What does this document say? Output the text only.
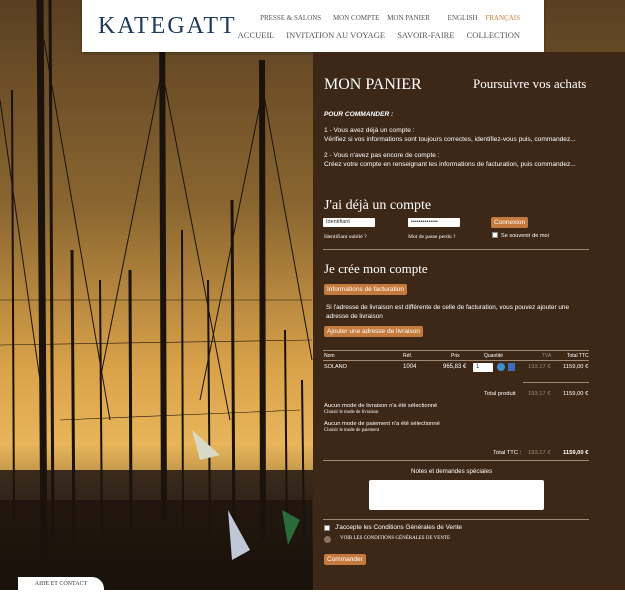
KATEGATT	PRESSE & SALONS MON COMPTE MON PANIER	ENGLISH FRANÇAIS
ACCUEIL INVITATION AU VOYAGE SAVOIR-FAIRE COLLECTION
MON PANIER	Poursuivre vos achats
POUR COMMANDER :
1 - Vous avez déjà un compte :
Vérifiez si vos informations sont toujours correctes, identifiez-vous puis, commandez...
2 - Vous n'avez pas encore de compte :
Créez votre compte en renseignant les informations de facturation, puis commandez...
J'ai déjà un compte
Identifiant	••••••••••••••	Connexion
Identifiant oublié ?	Mot de passe perdu ?	Se souvenir de moi
Je crée mon compte
Informations de facturation
Si l'adresse de livraison est différente de celle de facturation, vous pouvez ajouter une adresse de livraison
Ajouter une adresse de livraison
Nom	Réf.	Prix	Quantité	TVA	Total TTC
SOLANO	1004	965,83 €	1	193,17 € 1159,00 €
Total produit 193,17 € 1159,00 €
Aucun mode de livraison n'a été sélectionné
Choisir le mode de livraison
Aucun mode de paiement n'a été sélectionné
Choisir le mode de paiement
Total TTC : 193,17 € 1159,00 €
Notes et demandes spéciales
J'accepte les Conditions Générales de Vente
VOIR LES CONDITIONS GÉNÉRALES DE VENTE
Commander
AIDE ET CONTACT
